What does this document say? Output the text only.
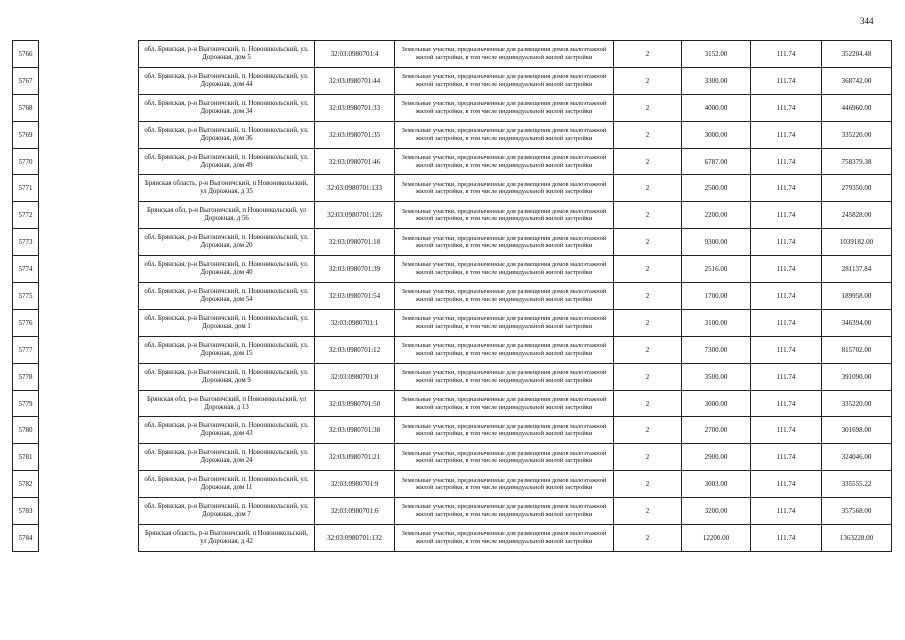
344
5766		обл. Брянская, р-н Выгоничский, п. Новоникольский, ул. Дорожная, дом 5	32:03:0980701:4	Земельные участки, предназначенные для размещения домов малоэтажной жилой застройки, в том числе индивидуальной жилой застройки	2	3152.00	111.74	352204.48
5767		обл. Брянская, р-н Выгоничский, п. Новоникольский, ул. Дорожная, дом 44	32:03:0980701:44	Земельные участки, предназначенные для размещения домов малоэтажной жилой застройки, в том числе индивидуальной жилой застройки	2	3300.00	111.74	368742.00
5768		обл. Брянская, р-н Выгоничский, п. Новоникольский, ул. Дорожная, дом 34	32:03:0980701:33	Земельные участки, предназначенные для размещения домов малоэтажной жилой застройки, в том числе индивидуальной жилой застройки	2	4000.00	111.74	446960.00
5769		обл. Брянская, р-н Выгоничский, п. Новоникольский, ул. Дорожная, дом 36	32:03:0980701:35	Земельные участки, предназначенные для размещения домов малоэтажной жилой застройки, в том числе индивидуальной жилой застройки	2	3000.00	111.74	335220.00
5770		обл. Брянская, р-н Выгоничский, п. Новоникольский, ул. Дорожная, дом 49	32:03:0980701:46	Земельные участки, предназначенные для размещения домов малоэтажной жилой застройки, в том числе индивидуальной жилой застройки	2	6787.00	111.74	758379.38
5771		Брянская область, р-н Выгоничский, п Новоникольский, ул Дорожная, д 35	32:03:0980701:133	Земельные участки, предназначенные для размещения домов малоэтажной жилой застройки, в том числе индивидуальной жилой застройки	2	2500.00	111.74	279350.00
5772		Брянская обл, р-н Выгоничский, п Новоникольский, ул Дорожная, д 56	32:03:0980701:126	Земельные участки, предназначенные для размещения домов малоэтажной жилой застройки, в том числе индивидуальной жилой застройки	2	2200.00	111.74	245828.00
5773		обл. Брянская, р-н Выгоничский, п. Новоникольский, ул. Дорожная, дом 20	32:03:0980701:18	Земельные участки, предназначенные для размещения домов малоэтажной жилой застройки, в том числе индивидуальной жилой застройки	2	9300.00	111.74	1039182.00
5774		обл. Брянская, р-н Выгоничский, п. Новоникольский, ул. Дорожная, дом 40	32:03:0980701:39	Земельные участки, предназначенные для размещения домов малоэтажной жилой застройки, в том числе индивидуальной жилой застройки	2	2516.00	111.74	281137.84
5775		обл. Брянская, р-н Выгоничский, п. Новоникольский, ул. Дорожная, дом 54	32:03:0980701:54	Земельные участки, предназначенные для размещения домов малоэтажной жилой застройки, в том числе индивидуальной жилой застройки	2	1700.00	111.74	189958.00
5776		обл. Брянская, р-н Выгоничский, п. Новоникольский, ул. Дорожная, дом 1	32:03:0980701:1	Земельные участки, предназначенные для размещения домов малоэтажной жилой застройки, в том числе индивидуальной жилой застройки	2	3100.00	111.74	346394.00
5777		обл. Брянская, р-н Выгоничский, п. Новоникольский, ул. Дорожная, дом 15	32:03:0980701:12	Земельные участки, предназначенные для размещения домов малоэтажной жилой застройки, в том числе индивидуальной жилой застройки	2	7300.00	111.74	815702.00
5778		обл. Брянская, р-н Выгоничский, п. Новоникольский, ул. Дорожная, дом 9	32:03:0980701:8	Земельные участки, предназначенные для размещения домов малоэтажной жилой застройки, в том числе индивидуальной жилой застройки	2	3500.00	111.74	391090.00
5779		Брянская обл, р-н Выгоничский, п Новоникольский, ул Дорожная, д 13	32:03:0980701:50	Земельные участки, предназначенные для размещения домов малоэтажной жилой застройки, в том числе индивидуальной жилой застройки	2	3000.00	111.74	335220.00
5780		обл. Брянская, р-н Выгоничский, п. Новоникольский, ул. Дорожная, дом 43	32:03:0980701:38	Земельные участки, предназначенные для размещения домов малоэтажной жилой застройки, в том числе индивидуальной жилой застройки	2	2700.00	111.74	301698.00
5781		обл. Брянская, р-н Выгоничский, п. Новоникольский, ул. Дорожная, дом 24	32:03:0980701:21	Земельные участки, предназначенные для размещения домов малоэтажной жилой застройки, в том числе индивидуальной жилой застройки	2	2900.00	111.74	324046.00
5782		обл. Брянская, р-н Выгоничский, п. Новоникольский, ул. Дорожная, дом 11	32:03:0980701:9	Земельные участки, предназначенные для размещения домов малоэтажной жилой застройки, в том числе индивидуальной жилой застройки	2	3003.00	111.74	335555.22
5783		обл. Брянская, р-н Выгоничский, п. Новоникольский, ул. Дорожная, дом 7	32:03:0980701:6	Земельные участки, предназначенные для размещения домов малоэтажной жилой застройки, в том числе индивидуальной жилой застройки	2	3200.00	111.74	357568.00
5784		Брянская область, р-н Выгоничский, п Новоникольский, ул Дорожная, д 42	32:03:0980701:132	Земельные участки, предназначенные для размещения домов малоэтажной жилой застройки, в том числе индивидуальной жилой застройки	2	12200.00	111.74	1363228.00
